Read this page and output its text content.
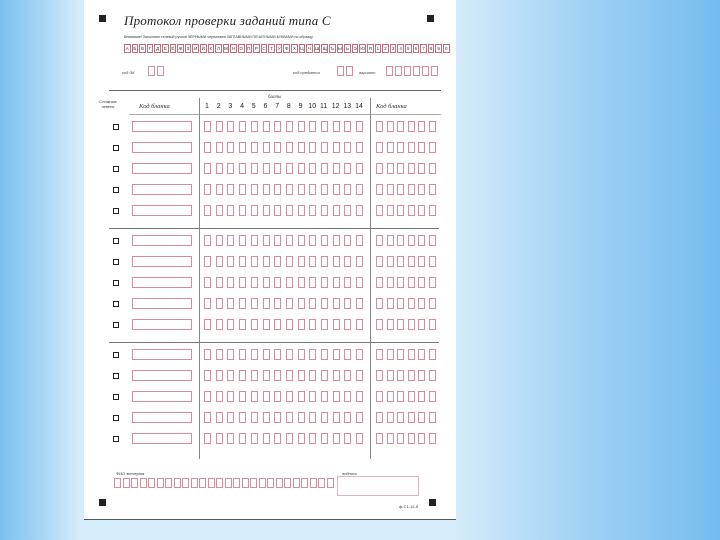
Протокол проверки заданий типа С
Внимание! Заполнять гелевой ручкой ЧЁРНЫМИ чернилами ЗАГЛАВНЫМИ ПЕЧАТНЫМИ БУКВАМИ по образцу
А	Б	В	Г	Д	Е	Ё Ж З	И Й	К	Л М Н О П Р С	Т	У Ф Х Ц Ч Ш Щ Ъ Ы Ь	Э Ю Я	1	2	3	4	5	6	7	8	9	0
код ЭК	код предмета	вариант
Сложные ответы	Код бланка
баллы
1 2 3 4 5 6 7 8 9 10 11 12 13 14 Код бланка
ФИО эксперта	подпись
ф-С1-12-б
